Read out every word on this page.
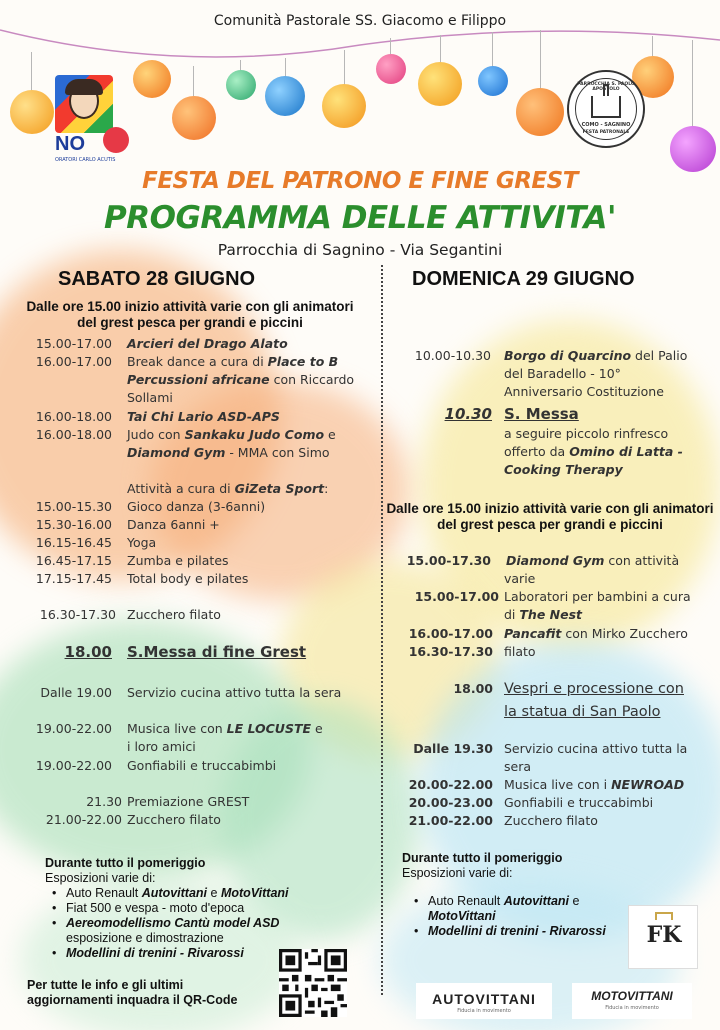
Comunità Pastorale SS. Giacomo e Filippo
NO
ORATORI CARLO ACUTIS
PARROCCHIA S. PAOLO APOSTOLO
COMO - SAGNINO
FESTA PATRONALE
FESTA DEL PATRONO E FINE GREST
PROGRAMMA DELLE ATTIVITA'
Parrocchia di Sagnino - Via Segantini
SABATO 28 GIUGNO
Dalle ore 15.00 inizio attività varie con gli animatori del grest pesca per grandi e piccini
15.00-17.00 Arcieri del Drago Alato
16.00-17.00 Break dance a cura di Place to B
Percussioni africane con Riccardo
Sollami
16.00-18.00 Tai Chi Lario ASD-APS
16.00-18.00 Judo con Sankaku Judo Como e
Diamond Gym - MMA con Simo
Attività a cura di GiZeta Sport:
15.00-15.30 Gioco danza (3-6anni)
15.30-16.00 Danza 6anni +
16.15-16.45 Yoga
16.45-17.15 Zumba e pilates
17.15-17.45 Total body e pilates
16.30-17.30 Zucchero filato
18.00 S.Messa di fine Grest
Dalle 19.00 Servizio cucina attivo tutta la sera
19.00-22.00 Musica live con LE LOCUSTE e
i loro amici
19.00-22.00 Gonfiabili e truccabimbi
21.30 Premiazione GREST
21.00-22.00 Zucchero filato
Durante tutto il pomeriggio
Esposizioni varie di:
• Auto Renault Autovittani e MotoVittani
• Fiat 500 e vespa - moto d'epoca
• Aereomodellismo Cantù model ASD
esposizione e dimostrazione
• Modellini di trenini - Rivarossi
Per tutte le info e gli ultimi aggiornamenti inquadra il QR-Code
DOMENICA 29 GIUGNO
10.00-10.30 Borgo di Quarcino del Palio
del Baradello - 10°
Anniversario Costituzione
10.30 S. Messa
a seguire piccolo rinfresco
offerto da Omino di Latta -
Cooking Therapy
Dalle ore 15.00 inizio attività varie con gli animatori del grest pesca per grandi e piccini
15.00-17.30 Diamond Gym con attività
varie
15.00-17.00 Laboratori per bambini a cura
di The Nest
16.00-17.00 Pancafit con Mirko Zucchero
16.30-17.30 filato
18.00 Vespri e processione con
la statua di San Paolo
Dalle 19.30 Servizio cucina attivo tutta la
sera
20.00-22.00 Musica live con i NEWROAD
20.00-23.00 Gonfiabili e truccabimbi
21.00-22.00 Zucchero filato
Durante tutto il pomeriggio
Esposizioni varie di:
• Auto Renault Autovittani e
MotoVittani
• Modellini di trenini - Rivarossi	FK
AUTOVITTANI
Fiducia in movimento
MOTOVITTANI
Fiducia in movimento
